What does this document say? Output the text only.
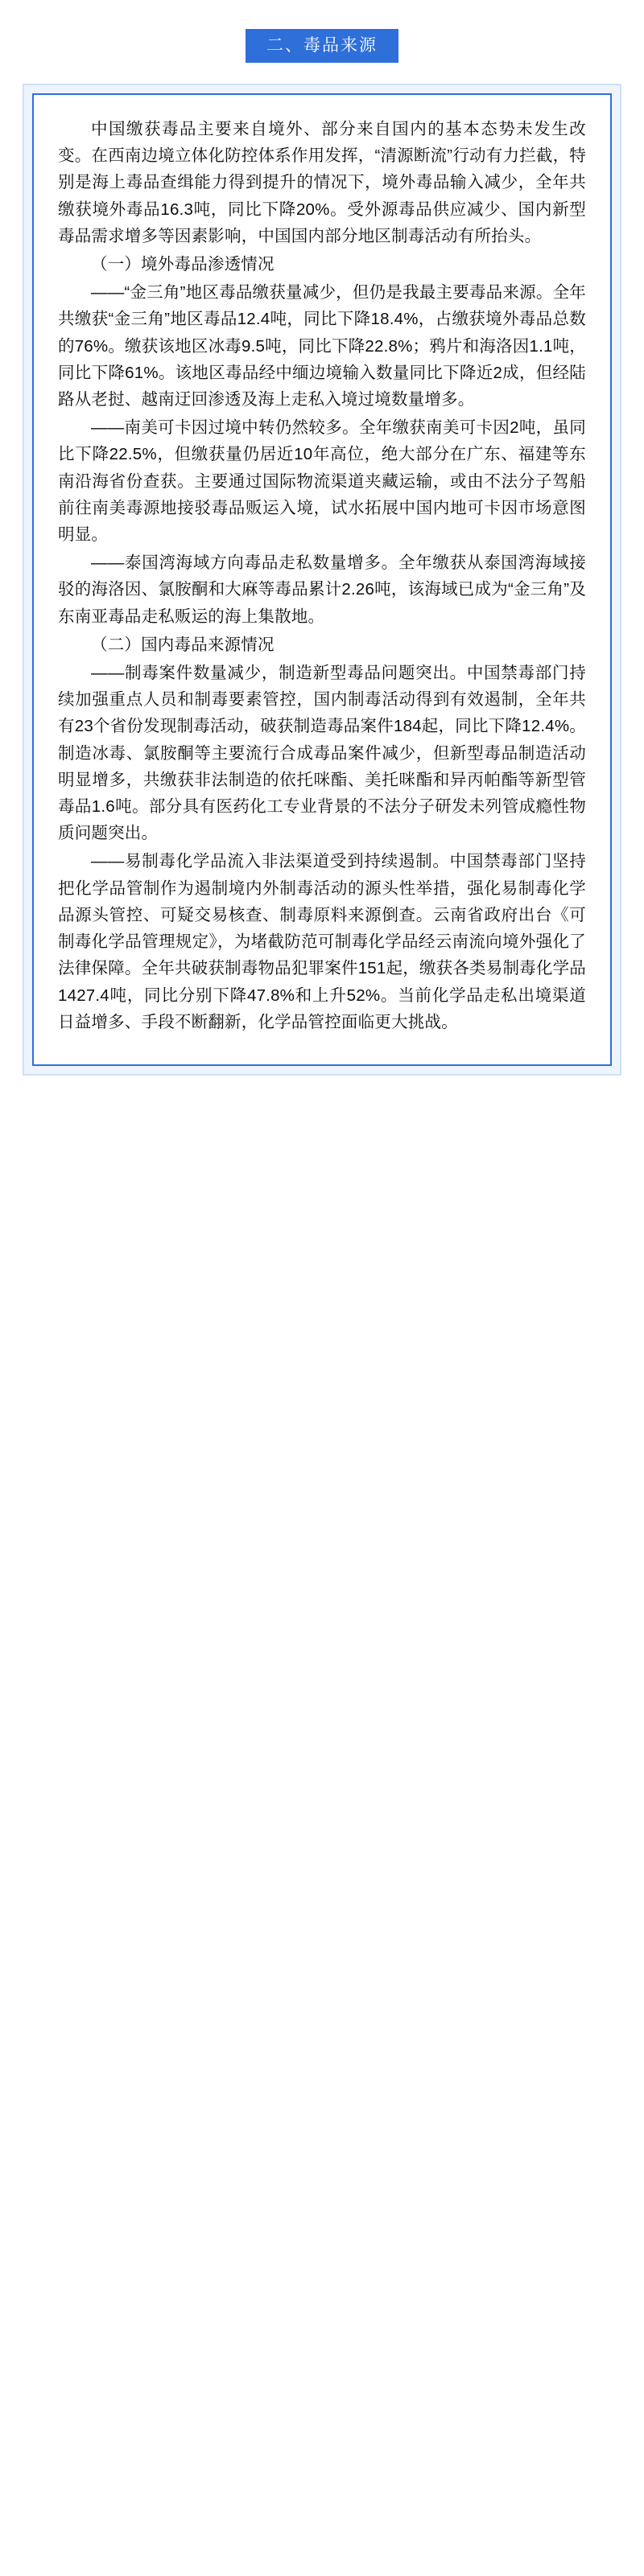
二、毒品来源

中国缴获毒品主要来自境外、部分来自国内的基本态势未发生改变。在西南边境立体化防控体系作用发挥，“清源断流”行动有力拦截，特别是海上毒品查缉能力得到提升的情况下，境外毒品输入减少，全年共缴获境外毒品16.3吨，同比下降20%。受外源毒品供应减少、国内新型毒品需求增多等因素影响，中国国内部分地区制毒活动有所抬头。

（一）境外毒品渗透情况

——“金三角”地区毒品缴获量减少，但仍是我最主要毒品来源。全年共缴获“金三角”地区毒品12.4吨，同比下降18.4%，占缴获境外毒品总数的76%。缴获该地区冰毒9.5吨，同比下降22.8%；鸦片和海洛因1.1吨，同比下降61%。该地区毒品经中缅边境输入数量同比下降近2成，但经陆路从老挝、越南迂回渗透及海上走私入境过境数量增多。

——南美可卡因过境中转仍然较多。全年缴获南美可卡因2吨，虽同比下降22.5%，但缴获量仍居近10年高位，绝大部分在广东、福建等东南沿海省份查获。主要通过国际物流渠道夹藏运输，或由不法分子驾船前往南美毒源地接驳毒品贩运入境，试水拓展中国内地可卡因市场意图明显。

——泰国湾海域方向毒品走私数量增多。全年缴获从泰国湾海域接驳的海洛因、氯胺酮和大麻等毒品累计2.26吨，该海域已成为“金三角”及东南亚毒品走私贩运的海上集散地。

（二）国内毒品来源情况

——制毒案件数量减少，制造新型毒品问题突出。中国禁毒部门持续加强重点人员和制毒要素管控，国内制毒活动得到有效遏制，全年共有23个省份发现制毒活动，破获制造毒品案件184起，同比下降12.4%。制造冰毒、氯胺酮等主要流行合成毒品案件减少，但新型毒品制造活动明显增多，共缴获非法制造的依托咪酯、美托咪酯和异丙帕酯等新型管毒品1.6吨。部分具有医药化工专业背景的不法分子研发未列管成瘾性物质问题突出。

——易制毒化学品流入非法渠道受到持续遏制。中国禁毒部门坚持把化学品管制作为遏制境内外制毒活动的源头性举措，强化易制毒化学品源头管控、可疑交易核查、制毒原料来源倒查。云南省政府出台《可制毒化学品管理规定》，为堵截防范可制毒化学品经云南流向境外强化了法律保障。全年共破获制毒物品犯罪案件151起，缴获各类易制毒化学品1427.4吨，同比分别下降47.8%和上升52%。当前化学品走私出境渠道日益增多、手段不断翻新，化学品管控面临更大挑战。
